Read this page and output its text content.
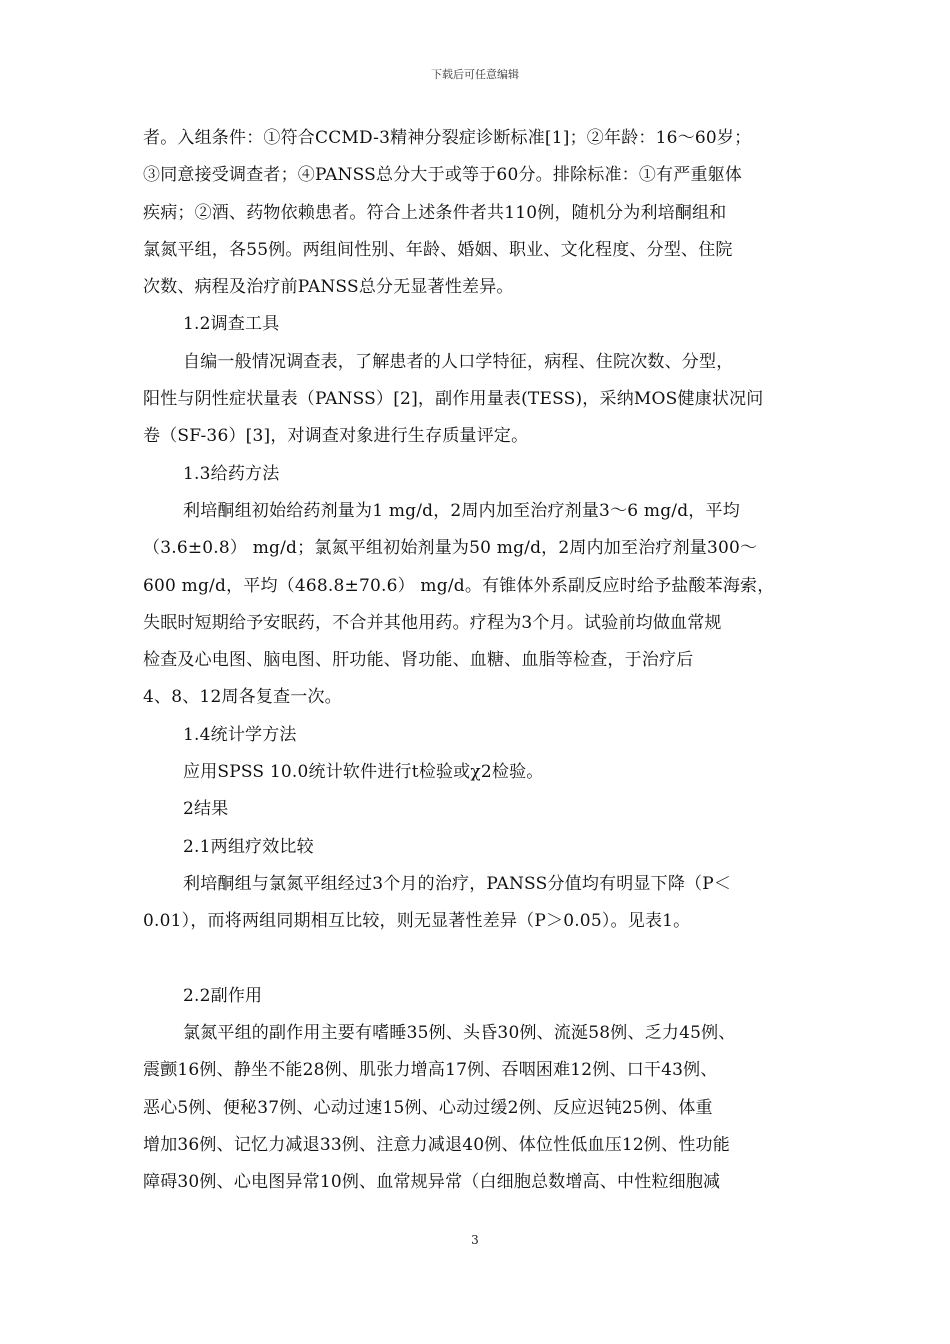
下载后可任意编辑
者。入组条件：①符合CCMD-3精神分裂症诊断标准[1]；②年龄：16～60岁；
③同意接受调查者；④PANSS总分大于或等于60分。排除标准：①有严重躯体
疾病；②酒、药物依赖患者。符合上述条件者共110例，随机分为利培酮组和
氯氮平组，各55例。两组间性别、年龄、婚姻、职业、文化程度、分型、住院
次数、病程及治疗前PANSS总分无显著性差异。
1.2调查工具
自编一般情况调查表，了解患者的人口学特征，病程、住院次数、分型，
阳性与阴性症状量表（PANSS）[2]，副作用量表(TESS)，采纳MOS健康状况问
卷（SF-36）[3]，对调查对象进行生存质量评定。
1.3给药方法
利培酮组初始给药剂量为1 mg/d，2周内加至治疗剂量3～6 mg/d，平均
（3.6±0.8） mg/d；氯氮平组初始剂量为50 mg/d，2周内加至治疗剂量300～
600 mg/d，平均（468.8±70.6） mg/d。有锥体外系副反应时给予盐酸苯海索，
失眠时短期给予安眠药，不合并其他用药。疗程为3个月。试验前均做血常规
检查及心电图、脑电图、肝功能、肾功能、血糖、血脂等检查，于治疗后
4、8、12周各复查一次。
1.4统计学方法
应用SPSS 10.0统计软件进行t检验或χ2检验。
2结果
2.1两组疗效比较
利培酮组与氯氮平组经过3个月的治疗，PANSS分值均有明显下降（P＜
0.01），而将两组同期相互比较，则无显著性差异（P＞0.05）。见表1。
2.2副作用
氯氮平组的副作用主要有嗜睡35例、头昏30例、流涎58例、乏力45例、
震颤16例、静坐不能28例、肌张力增高17例、吞咽困难12例、口干43例、
恶心5例、便秘37例、心动过速15例、心动过缓2例、反应迟钝25例、体重
增加36例、记忆力减退33例、注意力减退40例、体位性低血压12例、性功能
障碍30例、心电图异常10例、血常规异常（白细胞总数增高、中性粒细胞减
3
